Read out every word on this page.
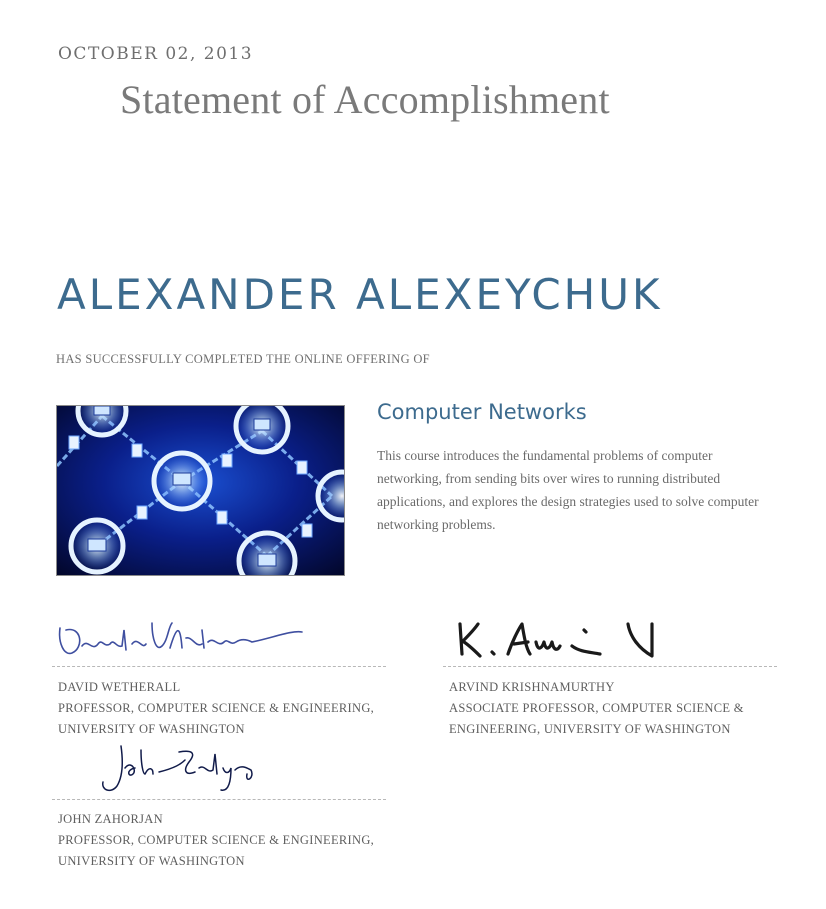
OCTOBER 02, 2013
Statement of Accomplishment
ALEXANDER ALEXEYCHUK
HAS SUCCESSFULLY COMPLETED THE ONLINE OFFERING OF
Computer Networks
This course introduces the fundamental problems of computer networking, from sending bits over wires to running distributed applications, and explores the design strategies used to solve computer networking problems.
DAVID WETHERALL
PROFESSOR, COMPUTER SCIENCE & ENGINEERING,
UNIVERSITY OF WASHINGTON
ARVIND KRISHNAMURTHY
ASSOCIATE PROFESSOR, COMPUTER SCIENCE &
ENGINEERING, UNIVERSITY OF WASHINGTON
JOHN ZAHORJAN
PROFESSOR, COMPUTER SCIENCE & ENGINEERING,
UNIVERSITY OF WASHINGTON
